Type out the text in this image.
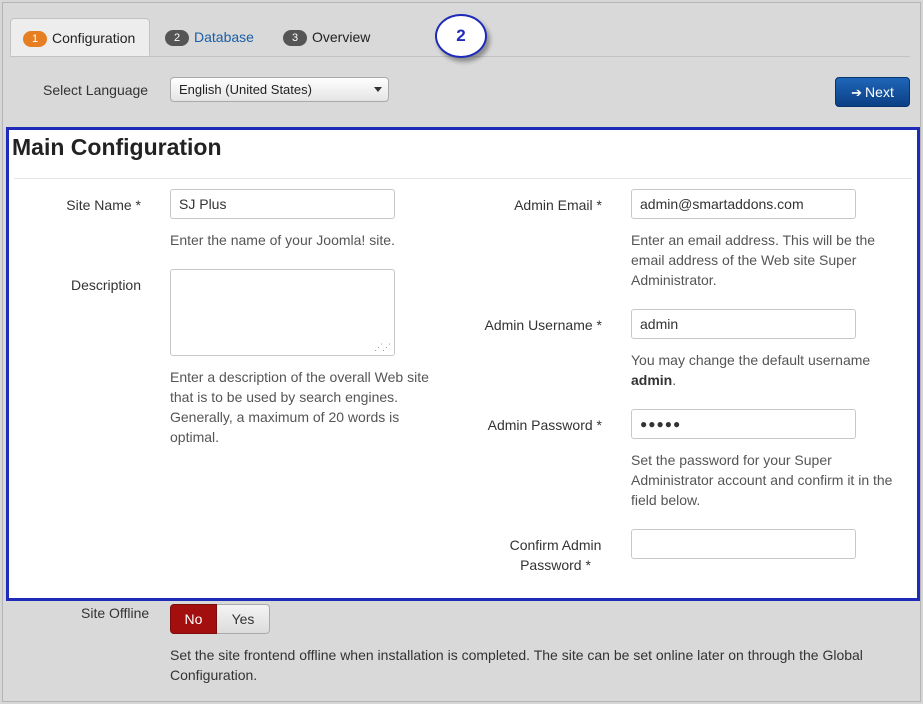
1 Configuration	2 Database	3 Overview	2
Select Language	English (United States)	➔ Next
Main Configuration
Site Name *	SJ Plus
Enter the name of your Joomla! site.
Description
⋰⋰
Enter a description of the overall Web site that is to be used by search engines. Generally, a maximum of 20 words is optimal.
Admin Email *	admin@smartaddons.com
Enter an email address. This will be the email address of the Web site Super Administrator.
Admin Username *	admin
You may change the default username admin.
Admin Password *	●●●●●
Set the password for your Super Administrator account and confirm it in the field below.
Confirm Admin Password *
Site Offline	No	Yes
Set the site frontend offline when installation is completed. The site can be set online later on through the Global Configuration.
